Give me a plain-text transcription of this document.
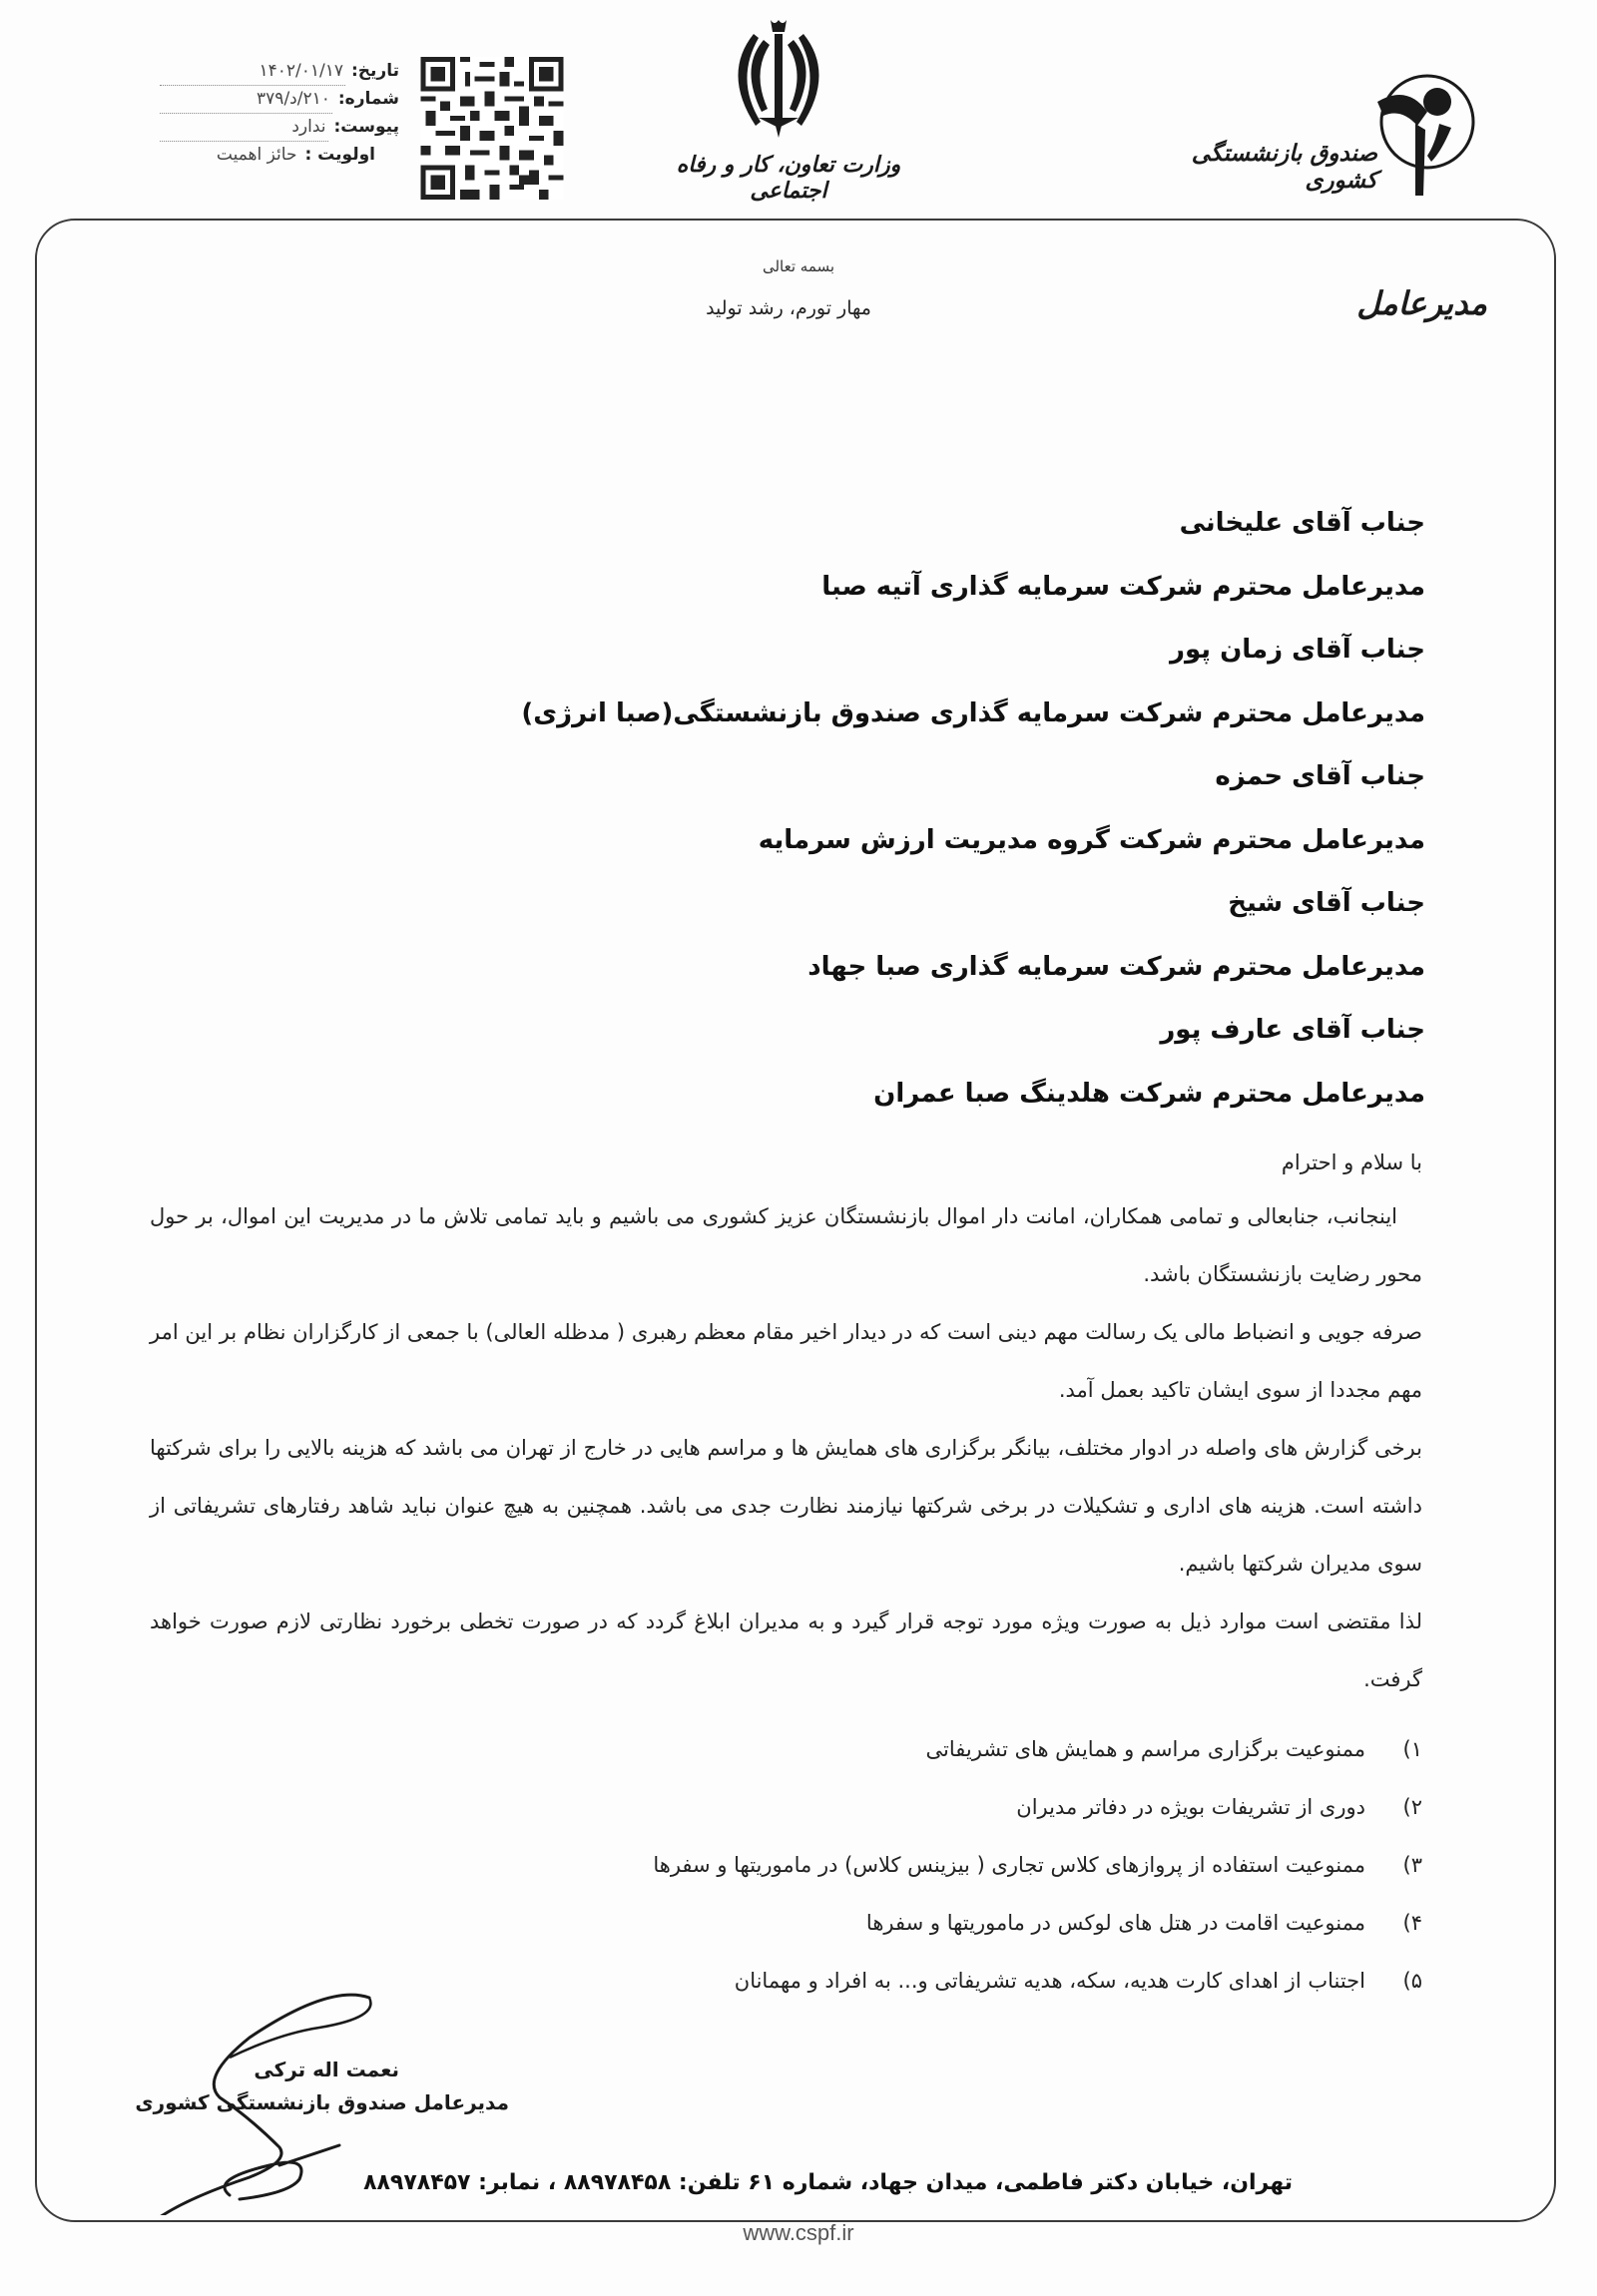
تاریخ:
۱۴۰۲/۰۱/۱۷
شماره:
۲۱۰/د/۳۷۹
پیوست:
ندارد
اولویت :
حائز اهمیت	وزارت تعاون، کار و رفاه اجتماعی
صندوق بازنشستگی کشوری
مدیرعامل
بسمه تعالی
مهار تورم، رشد تولید
جناب آقای علیخانی
مدیرعامل محترم شرکت سرمایه گذاری آتیه صبا
جناب آقای زمان پور
مدیرعامل محترم شرکت سرمایه گذاری صندوق بازنشستگی(صبا انرژی)
جناب آقای حمزه
مدیرعامل محترم شرکت گروه مدیریت ارزش سرمایه
جناب آقای شیخ
مدیرعامل محترم شرکت سرمایه گذاری صبا جهاد
جناب آقای عارف پور
مدیرعامل محترم شرکت هلدینگ صبا عمران
با سلام و احترام

اینجانب، جنابعالی و تمامی همکاران، امانت دار اموال بازنشستگان عزیز کشوری می باشیم و باید تمامی تلاش ما در مدیریت این اموال، بر حول محور رضایت بازنشستگان باشد.

صرفه جویی و انضباط مالی یک رسالت مهم دینی است که در دیدار اخیر مقام معظم رهبری ( مدظله العالی) با جمعی از کارگزاران نظام بر این امر مهم مجددا از سوی ایشان تاکید بعمل آمد.

برخی گزارش های واصله در ادوار مختلف، بیانگر برگزاری های همایش ها و مراسم هایی در خارج از تهران می باشد که هزینه بالایی را برای شرکتها داشته است. هزینه های اداری و تشکیلات در برخی شرکتها نیازمند نظارت جدی می باشد. همچنین به هیچ عنوان نباید شاهد رفتارهای تشریفاتی از سوی مدیران شرکتها باشیم.

لذا مقتضی است موارد ذیل به صورت ویژه مورد توجه قرار گیرد و به مدیران ابلاغ گردد که در صورت تخطی برخورد نظارتی لازم صورت خواهد گرفت.

۱)
ممنوعیت برگزاری مراسم و همایش های تشریفاتی
۲)
دوری از تشریفات بویژه در دفاتر مدیران
۳)
ممنوعیت استفاده از پروازهای کلاس تجاری ( بیزینس کلاس) در ماموریتها و سفرها
۴)
ممنوعیت اقامت در هتل های لوکس در ماموریتها و سفرها
۵)
اجتناب از اهدای کارت هدیه، سکه، هدیه تشریفاتی و... به افراد و مهمانان
نعمت اله ترکی
مدیرعامل صندوق بازنشستگی کشوری
تهران، خیابان دکتر فاطمی، میدان جهاد، شماره ۶۱ تلفن: ۸۸۹۷۸۴۵۸ ، نمابر: ۸۸۹۷۸۴۵۷
www.cspf.ir
